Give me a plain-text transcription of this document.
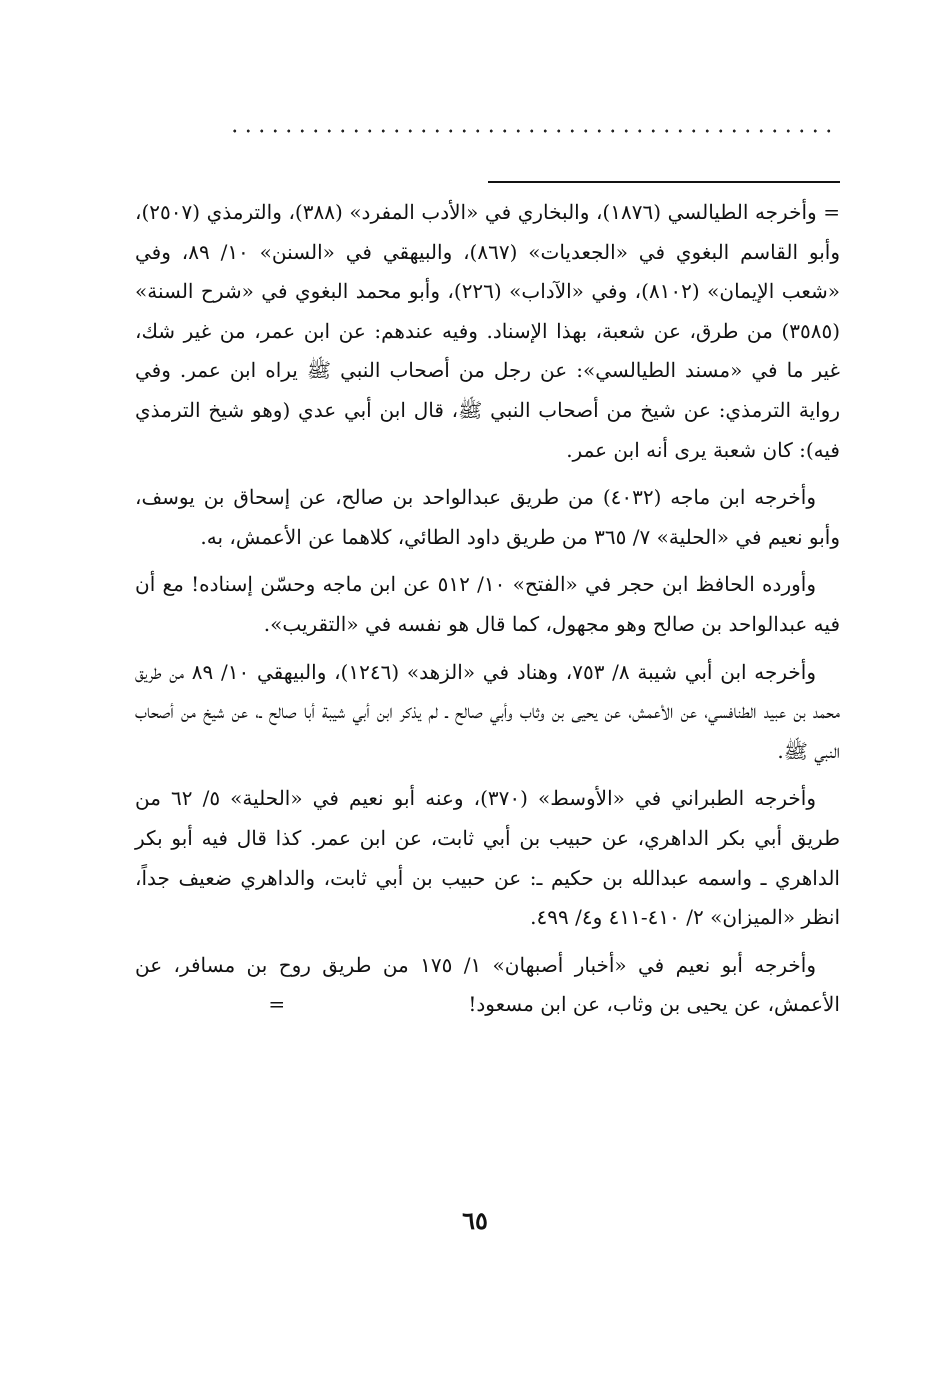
= وأخرجه الطيالسي (١٨٧٦)، والبخاري في «الأدب المفرد» (٣٨٨)، والترمذي (٢٥٠٧)، وأبو القاسم البغوي في «الجعديات» (٨٦٧)، والبيهقي في «السنن» ١٠/ ٨٩، وفي «شعب الإيمان» (٨١٠٢)، وفي «الآداب» (٢٢٦)، وأبو محمد البغوي في «شرح السنة» (٣٥٨٥) من طرق، عن شعبة، بهذا الإسناد. وفيه عندهم: عن ابن عمر، من غير شك، غير ما في «مسند الطيالسي»: عن رجل من أصحاب النبي ﷺ يراه ابن عمر. وفي رواية الترمذي: عن شيخ من أصحاب النبي ﷺ، قال ابن أبي عدي (وهو شيخ الترمذي فيه): كان شعبة يرى أنه ابن عمر.

وأخرجه ابن ماجه (٤٠٣٢) من طريق عبدالواحد بن صالح، عن إسحاق بن يوسف، وأبو نعيم في «الحلية» ٧/ ٣٦٥ من طريق داود الطائي، كلاهما عن الأعمش، به.

وأورده الحافظ ابن حجر في «الفتح» ١٠/ ٥١٢ عن ابن ماجه وحسّن إسناده! مع أن فيه عبدالواحد بن صالح وهو مجهول، كما قال هو نفسه في «التقريب».

وأخرجه ابن أبي شيبة ٨/ ٧٥٣، وهناد في «الزهد» (١٢٤٦)، والبيهقي ١٠/ ٨٩ من طريق محمد بن عبيد الطنافسي، عن الأعمش، عن يحيى بن وثاب وأبي صالح ـ لم يذكر ابن أبي شيبة أبا صالح ـ، عن شيخ من أصحاب النبي ﷺ.

وأخرجه الطبراني في «الأوسط» (٣٧٠)، وعنه أبو نعيم في «الحلية» ٥/ ٦٢ من طريق أبي بكر الداهري، عن حبيب بن أبي ثابت، عن ابن عمر. كذا قال فيه أبو بكر الداهري ـ واسمه عبدالله بن حكيم ـ: عن حبيب بن أبي ثابت، والداهري ضعيف جداً، انظر «الميزان» ٢/ ٤١٠-٤١١ و٤/ ٤٩٩.

وأخرجه أبو نعيم في «أخبار أصبهان» ١/ ١٧٥ من طريق روح بن مسافر، عن الأعمش، عن يحيى بن وثاب، عن ابن مسعود!=

٦٥
